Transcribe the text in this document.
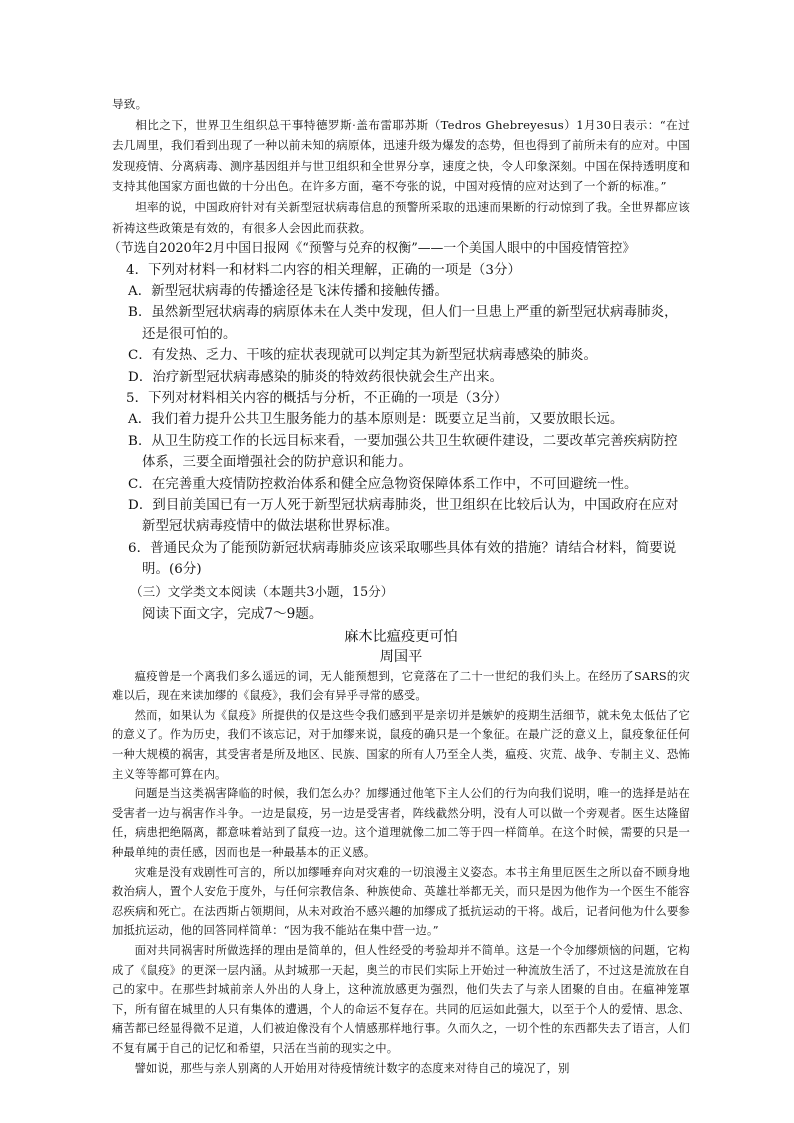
导致。

相比之下，世界卫生组织总干事特德罗斯·盖布雷耶苏斯（Tedros Ghebreyesus）1月30日表示：“在过去几周里，我们看到出现了一种以前未知的病原体，迅速升级为爆发的态势，但也得到了前所未有的应对。中国发现疫情、分离病毒、测序基因组并与世卫组织和全世界分享，速度之快，令人印象深刻。中国在保持透明度和支持其他国家方面也做的十分出色。在许多方面，毫不夸张的说，中国对疫情的应对达到了一个新的标准。”

坦率的说，中国政府针对有关新型冠状病毒信息的预警所采取的迅速而果断的行动惊到了我。全世界都应该祈祷这些政策是有效的，有很多人会因此而获救。

（节选自2020年2月中国日报网《“预警与兑弃的权衡”——一个美国人眼中的中国疫情管控》

4．下列对材料一和材料二内容的相关理解，正确的一项是（3分）

A．新型冠状病毒的传播途径是飞沫传播和接触传播。

B．虽然新型冠状病毒的病原体未在人类中发现，但人们一旦患上严重的新型冠状病毒肺炎，还是很可怕的。

C．有发热、乏力、干咳的症状表现就可以判定其为新型冠状病毒感染的肺炎。

D．治疗新型冠状病毒感染的肺炎的特效药很快就会生产出来。

5．下列对材料相关内容的概括与分析，不正确的一项是（3分）

A．我们着力提升公共卫生服务能力的基本原则是：既要立足当前，又要放眼长远。

B．从卫生防疫工作的长远目标来看，一要加强公共卫生软硬件建设，二要改革完善疾病防控体系，三要全面增强社会的防护意识和能力。

C．在完善重大疫情防控救治体系和健全应急物资保障体系工作中，不可回避统一性。

D．到目前美国已有一万人死于新型冠状病毒肺炎，世卫组织在比较后认为，中国政府在应对新型冠状病毒疫情中的做法堪称世界标准。

6．普通民众为了能预防新冠状病毒肺炎应该采取哪些具体有效的措施？请结合材料，简要说明。(6分)

（三）文学类文本阅读（本题共3小题，15分）

阅读下面文字，完成7～9题。

麻木比瘟疫更可怕

周国平

瘟疫曾是一个离我们多么遥远的词，无人能预想到，它竟落在了二十一世纪的我们头上。在经历了SARS的灾难以后，现在来读加缪的《鼠疫》，我们会有异乎寻常的感受。

然而，如果认为《鼠疫》所提供的仅是这些令我们感到平是亲切并是嫉妒的疫期生活细节，就未免太低估了它的意义了。作为历史，我们不该忘记，对于加缪来说，鼠疫的确只是一个象征。在最广泛的意义上，鼠疫象征任何一种大规模的祸害，其受害者是所及地区、民族、国家的所有人乃至全人类，瘟疫、灾荒、战争、专制主义、恐怖主义等等都可算在内。

问题是当这类祸害降临的时候，我们怎么办？加缪通过他笔下主人公们的行为向我们说明，唯一的选择是站在受害者一边与祸害作斗争。一边是鼠疫，另一边是受害者，阵线截然分明，没有人可以做一个旁观者。医生达隆留任，病患把绝隔离，都意味着站到了鼠疫一边。这个道理就像二加二等于四一样简单。在这个时候，需要的只是一种最单纯的责任感，因而也是一种最基本的正义感。

灾难是没有戏剧性可言的，所以加缪唾弃向对灾难的一切浪漫主义姿态。本书主角里厄医生之所以奋不顾身地救治病人，置个人安危于度外，与任何宗教信条、种族使命、英雄壮举都无关，而只是因为他作为一个医生不能容忍疾病和死亡。在法西斯占领期间，从未对政治不感兴趣的加缪成了抵抗运动的干将。战后，记者问他为什么要参加抵抗运动，他的回答同样简单：“因为我不能站在集中营一边。”

面对共同祸害时所做选择的理由是简单的，但人性经受的考验却并不简单。这是一个令加缪烦恼的问题，它构成了《鼠疫》的更深一层内涵。从封城那一天起，奥兰的市民们实际上开始过一种流放生活了，不过这是流放在自己的家中。在那些封城前亲人外出的人身上，这种流放感更为强烈，他们失去了与亲人团聚的自由。在瘟神笼罩下，所有留在城里的人只有集体的遭遇，个人的命运不复存在。共同的厄运如此强大，以至于个人的爱情、思念、痛苦都已经显得微不足道，人们被迫像没有个人情感那样地行事。久而久之，一切个性的东西都失去了语言，人们不复有属于自己的记忆和希望，只活在当前的现实之中。

譬如说，那些与亲人别离的人开始用对待疫情统计数字的态度来对待自己的境况了，别
